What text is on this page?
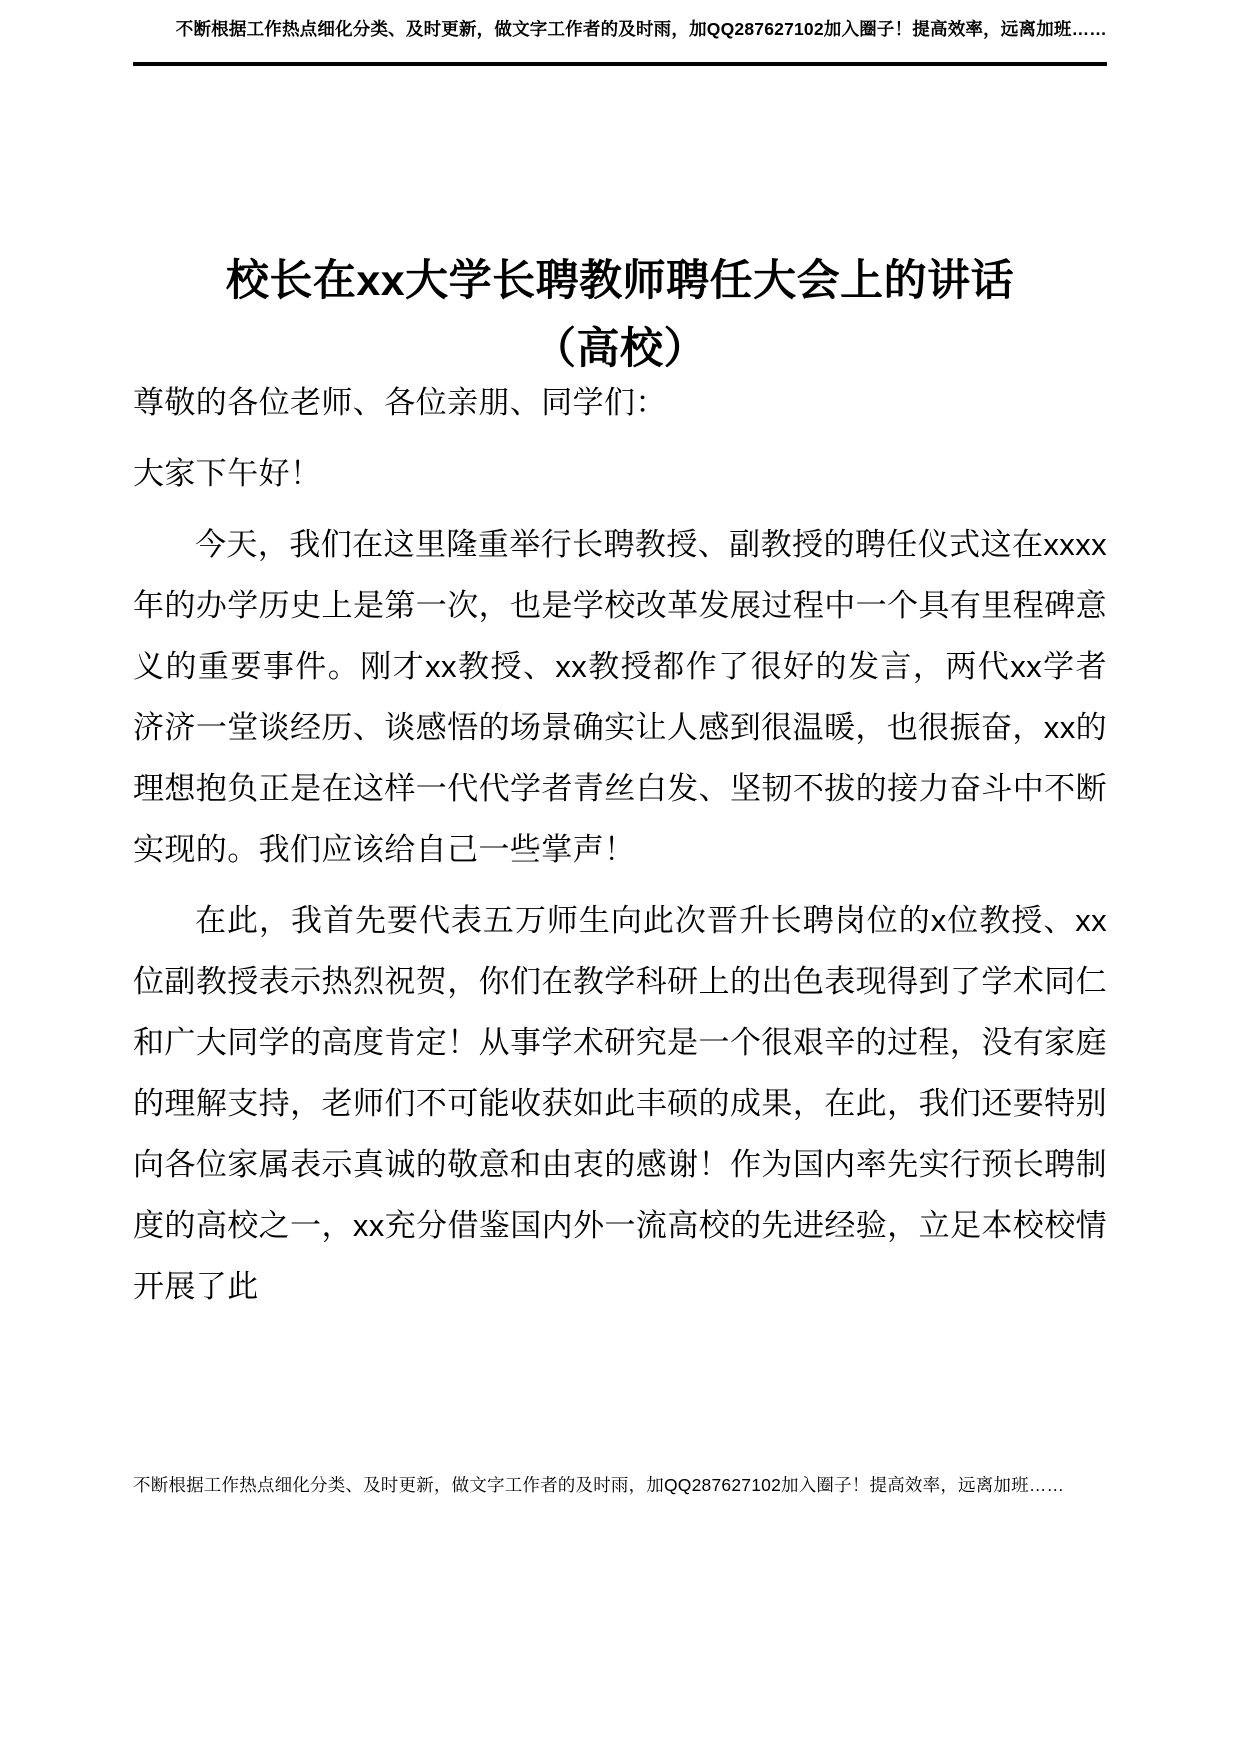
不断根据工作热点细化分类、及时更新，做文字工作者的及时雨，加QQ287627102加入圈子！提高效率，远离加班……
校长在xx大学长聘教师聘任大会上的讲话
（高校）

尊敬的各位老师、各位亲朋、同学们：

大家下午好！

今天，我们在这里隆重举行长聘教授、副教授的聘任仪式这在xxxx年的办学历史上是第一次，也是学校改革发展过程中一个具有里程碑意义的重要事件。刚才xx教授、xx教授都作了很好的发言，两代xx学者济济一堂谈经历、谈感悟的场景确实让人感到很温暖，也很振奋，xx的理想抱负正是在这样一代代学者青丝白发、坚韧不拔的接力奋斗中不断实现的。我们应该给自己一些掌声！

在此，我首先要代表五万师生向此次晋升长聘岗位的x位教授、xx位副教授表示热烈祝贺，你们在教学科研上的出色表现得到了学术同仁和广大同学的高度肯定！从事学术研究是一个很艰辛的过程，没有家庭的理解支持，老师们不可能收获如此丰硕的成果，在此，我们还要特别向各位家属表示真诚的敬意和由衷的感谢！作为国内率先实行预长聘制度的高校之一，xx充分借鉴国内外一流高校的先进经验，立足本校校情开展了此

不断根据工作热点细化分类、及时更新，做文字工作者的及时雨，加QQ287627102加入圈子！提高效率，远离加班……
